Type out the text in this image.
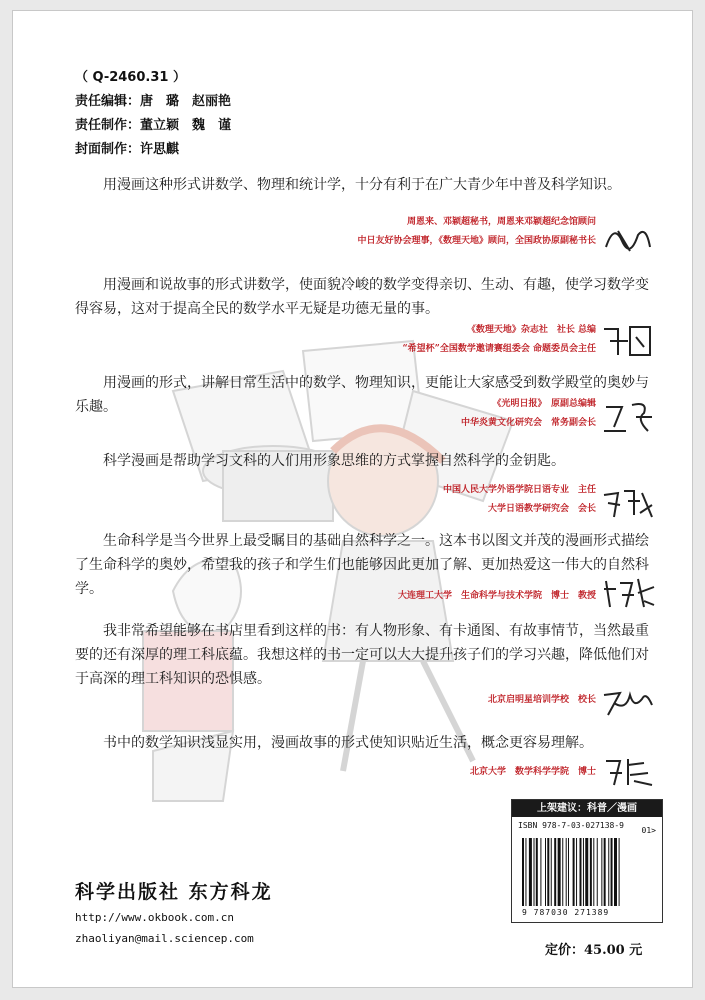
（ Q-2460.31 ）
责任编辑：唐　璐　赵丽艳
责任制作：董立颖　魏　谨
封面制作：许思麒

用漫画这种形式讲数学、物理和统计学，十分有利于在广大青少年中普及科学知识。

周恩来、邓颖超秘书，周恩来邓颖超纪念馆顾问
中日友好协会理事，《数理天地》顾问，全国政协原副秘书长

用漫画和说故事的形式讲数学，使面貌冷峻的数学变得亲切、生动、有趣，使学习数学变得容易，这对于提高全民的数学水平无疑是功德无量的事。

《数理天地》杂志社　社长 总编
“希望杯”全国数学邀请赛组委会 命题委员会主任

用漫画的形式，讲解日常生活中的数学、物理知识，更能让大家感受到数学殿堂的奥妙与乐趣。	《光明日报》　原副总编辑
中华炎黄文化研究会　常务副会长

科学漫画是帮助学习文科的人们用形象思维的方式掌握自然科学的金钥匙。

中国人民大学外语学院日语专业　主任
大学日语教学研究会　会长

生命科学是当今世界上最受瞩目的基础自然科学之一。这本书以图文并茂的漫画形式描绘了生命科学的奥妙，希望我的孩子和学生们也能够因此更加了解、更加热爱这一伟大的自然科学。	大连理工大学　生命科学与技术学院　博士　教授

我非常希望能够在书店里看到这样的书：有人物形象、有卡通图、有故事情节，当然最重要的还有深厚的理工科底蕴。我想这样的书一定可以大大提升孩子们的学习兴趣，降低他们对于高深的理工科知识的恐惧感。

北京启明星培训学校　校长

书中的数学知识浅显实用，漫画故事的形式使知识贴近生活，概念更容易理解。

北京大学　数学科学学院　博士
科学出版社 东方科龙
http://www.okbook.com.cn
zhaoliyan@mail.sciencep.com
上架建议：科普／漫画
ISBN 978-7-03-027138-9
01>
9 787030 271389
定价：45.00 元
